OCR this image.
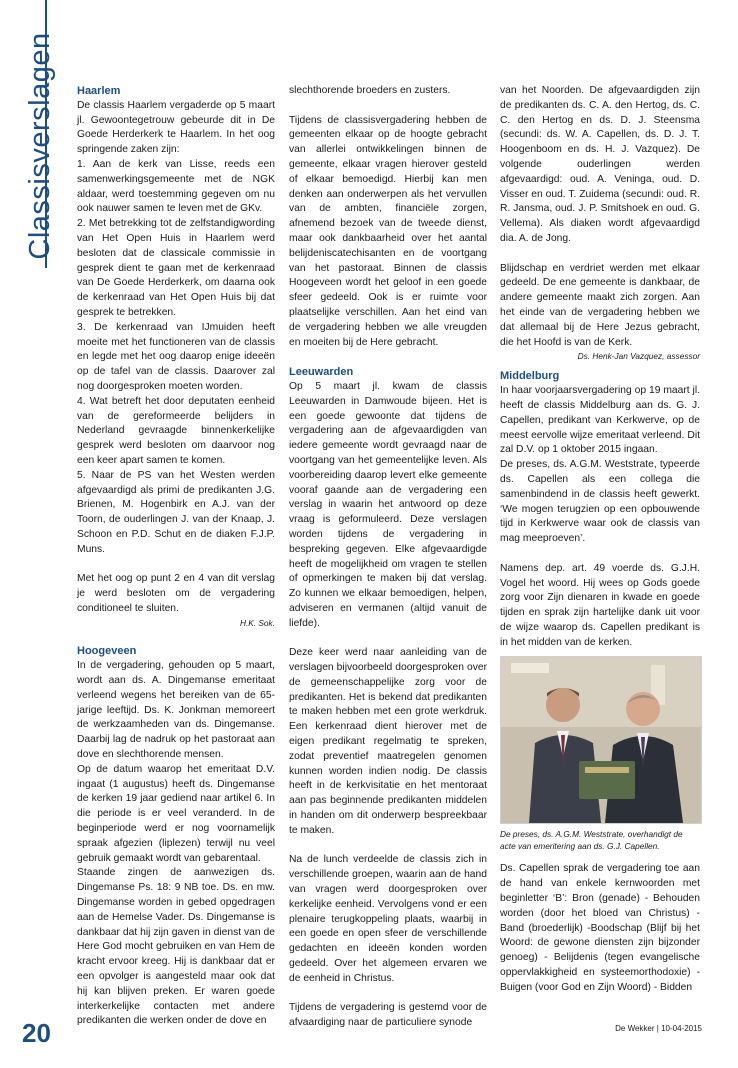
Classisverslagen Haarlem

De classis Haarlem vergaderde op 5 maart jl. Gewoontegetrouw gebeurde dit in De Goede Herderkerk te Haarlem. In het oog springende zaken zijn:

1. Aan de kerk van Lisse, reeds een samenwerkingsgemeente met de NGK aldaar, werd toestemming gegeven om nu ook nauwer samen te leven met de GKv.

2. Met betrekking tot de zelfstandigwording van Het Open Huis in Haarlem werd besloten dat de classicale commissie in gesprek dient te gaan met de kerkenraad van De Goede Herderkerk, om daarna ook de kerkenraad van Het Open Huis bij dat gesprek te betrekken.

3. De kerkenraad van IJmuiden heeft moeite met het functioneren van de classis en legde met het oog daarop enige ideeën op de tafel van de classis. Daarover zal nog doorgesproken moeten worden.

4. Wat betreft het door deputaten eenheid van de gereformeerde belijders in Nederland gevraagde binnenkerkelijke gesprek werd besloten om daarvoor nog een keer apart samen te komen.

5. Naar de PS van het Westen werden afgevaardigd als primi de predikanten J.G. Brienen, M. Hogenbirk en A.J. van der Toorn, de ouderlingen J. van der Knaap, J. Schoon en P.D. Schut en de diaken F.J.P. Muns.

Met het oog op punt 2 en 4 van dit verslag je werd besloten om de vergadering conditioneel te sluiten.

H.K. Sok.

Hoogeveen

In de vergadering, gehouden op 5 maart, wordt aan ds. A. Dingemanse emeritaat verleend wegens het bereiken van de 65-jarige leeftijd. Ds. K. Jonkman memoreert de werkzaamheden van ds. Dingemanse. Daarbij lag de nadruk op het pastoraat aan dove en slechthorende mensen.

Op de datum waarop het emeritaat D.V. ingaat (1 augustus) heeft ds. Dingemanse de kerken 19 jaar gediend naar artikel 6. In die periode is er veel veranderd. In de beginperiode werd er nog voornamelijk spraak afgezien (liplezen) terwijl nu veel gebruik gemaakt wordt van gebarentaal.

Staande zingen de aanwezigen ds. Dingemanse Ps. 18: 9 NB toe. Ds. en mw. Dingemanse worden in gebed opgedragen aan de Hemelse Vader. Ds. Dingemanse is dankbaar dat hij zijn gaven in dienst van de Here God mocht gebruiken en van Hem de kracht ervoor kreeg. Hij is dankbaar dat er een opvolger is aangesteld maar ook dat hij kan blijven preken. Er waren goede interkerkelijke contacten met andere predikanten die werken onder de dove en

slechthorende broeders en zusters.

Tijdens de classisvergadering hebben de gemeenten elkaar op de hoogte gebracht van allerlei ontwikkelingen binnen de gemeente, elkaar vragen hierover gesteld of elkaar bemoedigd. Hierbij kan men denken aan onderwerpen als het vervullen van de ambten, financiële zorgen, afnemend bezoek van de tweede dienst, maar ook dankbaarheid over het aantal belijdeniscatechisanten en de voortgang van het pastoraat. Binnen de classis Hoogeveen wordt het geloof in een goede sfeer gedeeld. Ook is er ruimte voor plaatselijke verschillen. Aan het eind van de vergadering hebben we alle vreugden en moeiten bij de Here gebracht.

Leeuwarden

Op 5 maart jl. kwam de classis Leeuwarden in Damwoude bijeen. Het is een goede gewoonte dat tijdens de vergadering aan de afgevaardigden van iedere gemeente wordt gevraagd naar de voortgang van het gemeentelijke leven. Als voorbereiding daarop levert elke gemeente vooraf gaande aan de vergadering een verslag in waarin het antwoord op deze vraag is geformuleerd. Deze verslagen worden tijdens de vergadering in bespreking gegeven. Elke afgevaardigde heeft de mogelijkheid om vragen te stellen of opmerkingen te maken bij dat verslag. Zo kunnen we elkaar bemoedigen, helpen, adviseren en vermanen (altijd vanuit de liefde).

Deze keer werd naar aanleiding van de verslagen bijvoorbeeld doorgesproken over de gemeenschappelijke zorg voor de predikanten. Het is bekend dat predikanten te maken hebben met een grote werkdruk. Een kerkenraad dient hierover met de eigen predikant regelmatig te spreken, zodat preventief maatregelen genomen kunnen worden indien nodig. De classis heeft in de kerkvisitatie en het mentoraat aan pas beginnende predikanten middelen in handen om dit onderwerp bespreekbaar te maken.

Na de lunch verdeelde de classis zich in verschillende groepen, waarin aan de hand van vragen werd doorgesproken over kerkelijke eenheid. Vervolgens vond er een plenaire terugkoppeling plaats, waarbij in een goede en open sfeer de verschillende gedachten en ideeën konden worden gedeeld. Over het algemeen ervaren we de eenheid in Christus.

Tijdens de vergadering is gestemd voor de afvaardiging naar de particuliere synode

van het Noorden. De afgevaardigden zijn de predikanten ds. C. A. den Hertog, ds. C. C. den Hertog en ds. D. J. Steensma (secundi: ds. W. A. Capellen, ds. D. J. T. Hoogenboom en ds. H. J. Vazquez). De volgende ouderlingen werden afgevaardigd: oud. A. Veninga, oud. D. Visser en oud. T. Zuidema (secundi: oud. R. R. Jansma, oud. J. P. Smitshoek en oud. G. Vellema). Als diaken wordt afgevaardigd dia. A. de Jong.

Blijdschap en verdriet werden met elkaar gedeeld. De ene gemeente is dankbaar, de andere gemeente maakt zich zorgen. Aan het einde van de vergadering hebben we dat allemaal bij de Here Jezus gebracht, die het Hoofd is van de Kerk.

Ds. Henk-Jan Vazquez, assessor

Middelburg

In haar voorjaarsvergadering op 19 maart jl. heeft de classis Middelburg aan ds. G. J. Capellen, predikant van Kerkwerve, op de meest eervolle wijze emeritaat verleend. Dit zal D.V. op 1 oktober 2015 ingaan.

De preses, ds. A.G.M. Weststrate, typeerde ds. Capellen als een collega die samenbindend in de classis heeft gewerkt. ‘We mogen terugzien op een opbouwende tijd in Kerkwerve waar ook de classis van mag meeproeven’.

Namens dep. art. 49 voerde ds. G.J.H. Vogel het woord. Hij wees op Gods goede zorg voor Zijn dienaren in kwade en goede tijden en sprak zijn hartelijke dank uit voor de wijze waarop ds. Capellen predikant is in het midden van de kerken.

De preses, ds. A.G.M. Weststrate, overhandigt de acte van emeritering aan ds. G.J. Capellen.

Ds. Capellen sprak de vergadering toe aan de hand van enkele kernwoorden met beginletter ‘B’: Bron (genade) - Behouden worden (door het bloed van Christus) - Band (broederlijk) -Boodschap (Blijf bij het Woord: de gewone diensten zijn bijzonder genoeg) - Belijdenis (tegen evangelische oppervlakkigheid en systeemorthodoxie) - Buigen (voor God en Zijn Woord) - Bidden

20	De Wekker | 10-04-2015
